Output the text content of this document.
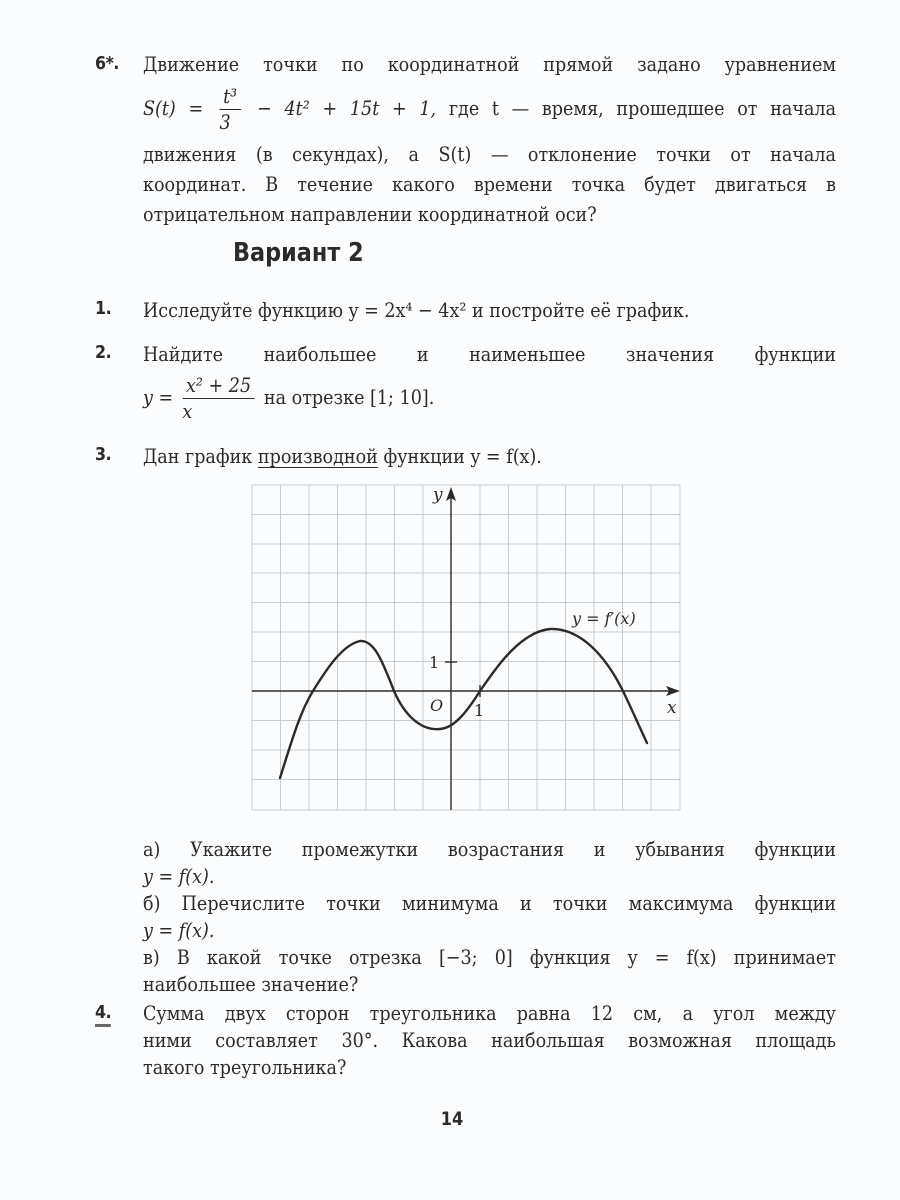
6*. Движение точки по координатной прямой задано уравнением
$S(t) = \frac{\text{t³}}{3} - 4t^2 + 15t + 1$, где t — время, прошедшее от начала
движения (в секундах), а S(t) — отклонение точки от начала
координат. В течение какого времени точка будет двигаться в
отрицательном направлении координатной оси?
Вариант 2
1. Исследуйте функцию y = 2x⁴ − 4x² и постройте её график.
2. Найдите наибольшее и наименьшее значения функции
$y = \frac{\text{x² + 25}}{x}$ на отрезке [1; 10].
3. Дан график производной функции y = f(x).
y
x
O
1
1
y = f′(x)
а) Укажите промежутки возрастания и убывания функции
y = f(x).
б) Перечислите точки минимума и точки максимума функции
y = f(x).
в) В какой точке отрезка [−3; 0] функция y = f(x) принимает
наибольшее значение?
4. Сумма двух сторон треугольника равна 12 см, а угол между
ними составляет 30°. Какова наибольшая возможная площадь
такого треугольника?
14
